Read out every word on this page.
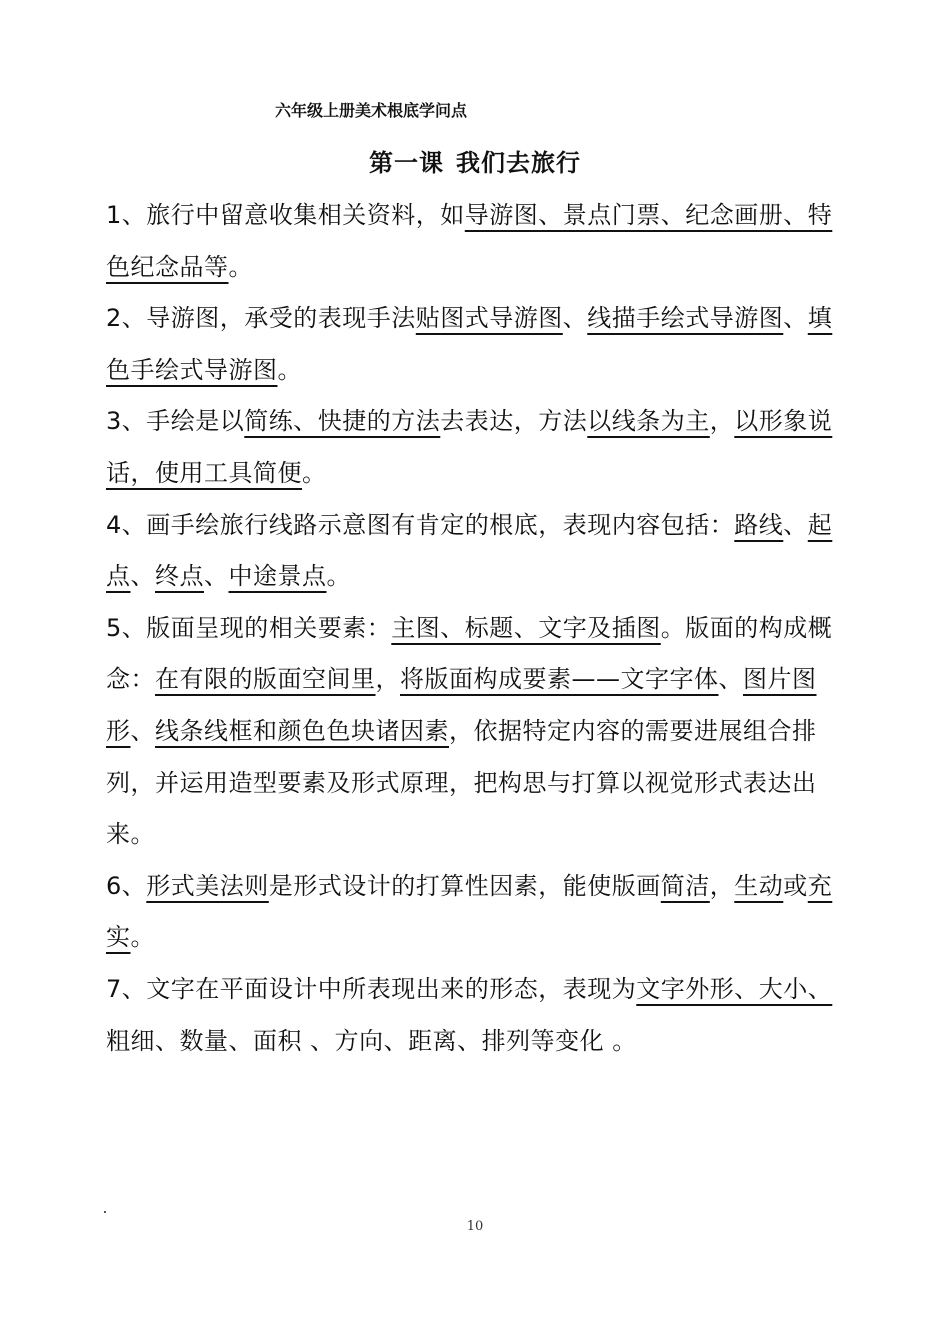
六年级上册美术根底学问点
第一课 我们去旅行

1、旅行中留意收集相关资料，如导游图、景点门票、纪念画册、特色纪念品等。

2、导游图，承受的表现手法贴图式导游图、线描手绘式导游图、填色手绘式导游图。

3、手绘是以简练、快捷的方法去表达，方法以线条为主，以形象说话，使用工具简便。

4、画手绘旅行线路示意图有肯定的根底，表现内容包括：路线、起点、终点、中途景点。

5、版面呈现的相关要素：主图、标题、文字及插图。版面的构成概念：在有限的版面空间里，将版面构成要素——文字字体、图片图形、线条线框和颜色色块诸因素，依据特定内容的需要进展组合排列，并运用造型要素及形式原理，把构思与打算以视觉形式表达出来。

6、形式美法则是形式设计的打算性因素，能使版画简洁，生动或充实。

7、文字在平面设计中所表现出来的形态，表现为文字外形、大小、粗细、数量、面积 、方向、距离、排列等变化 。

10
